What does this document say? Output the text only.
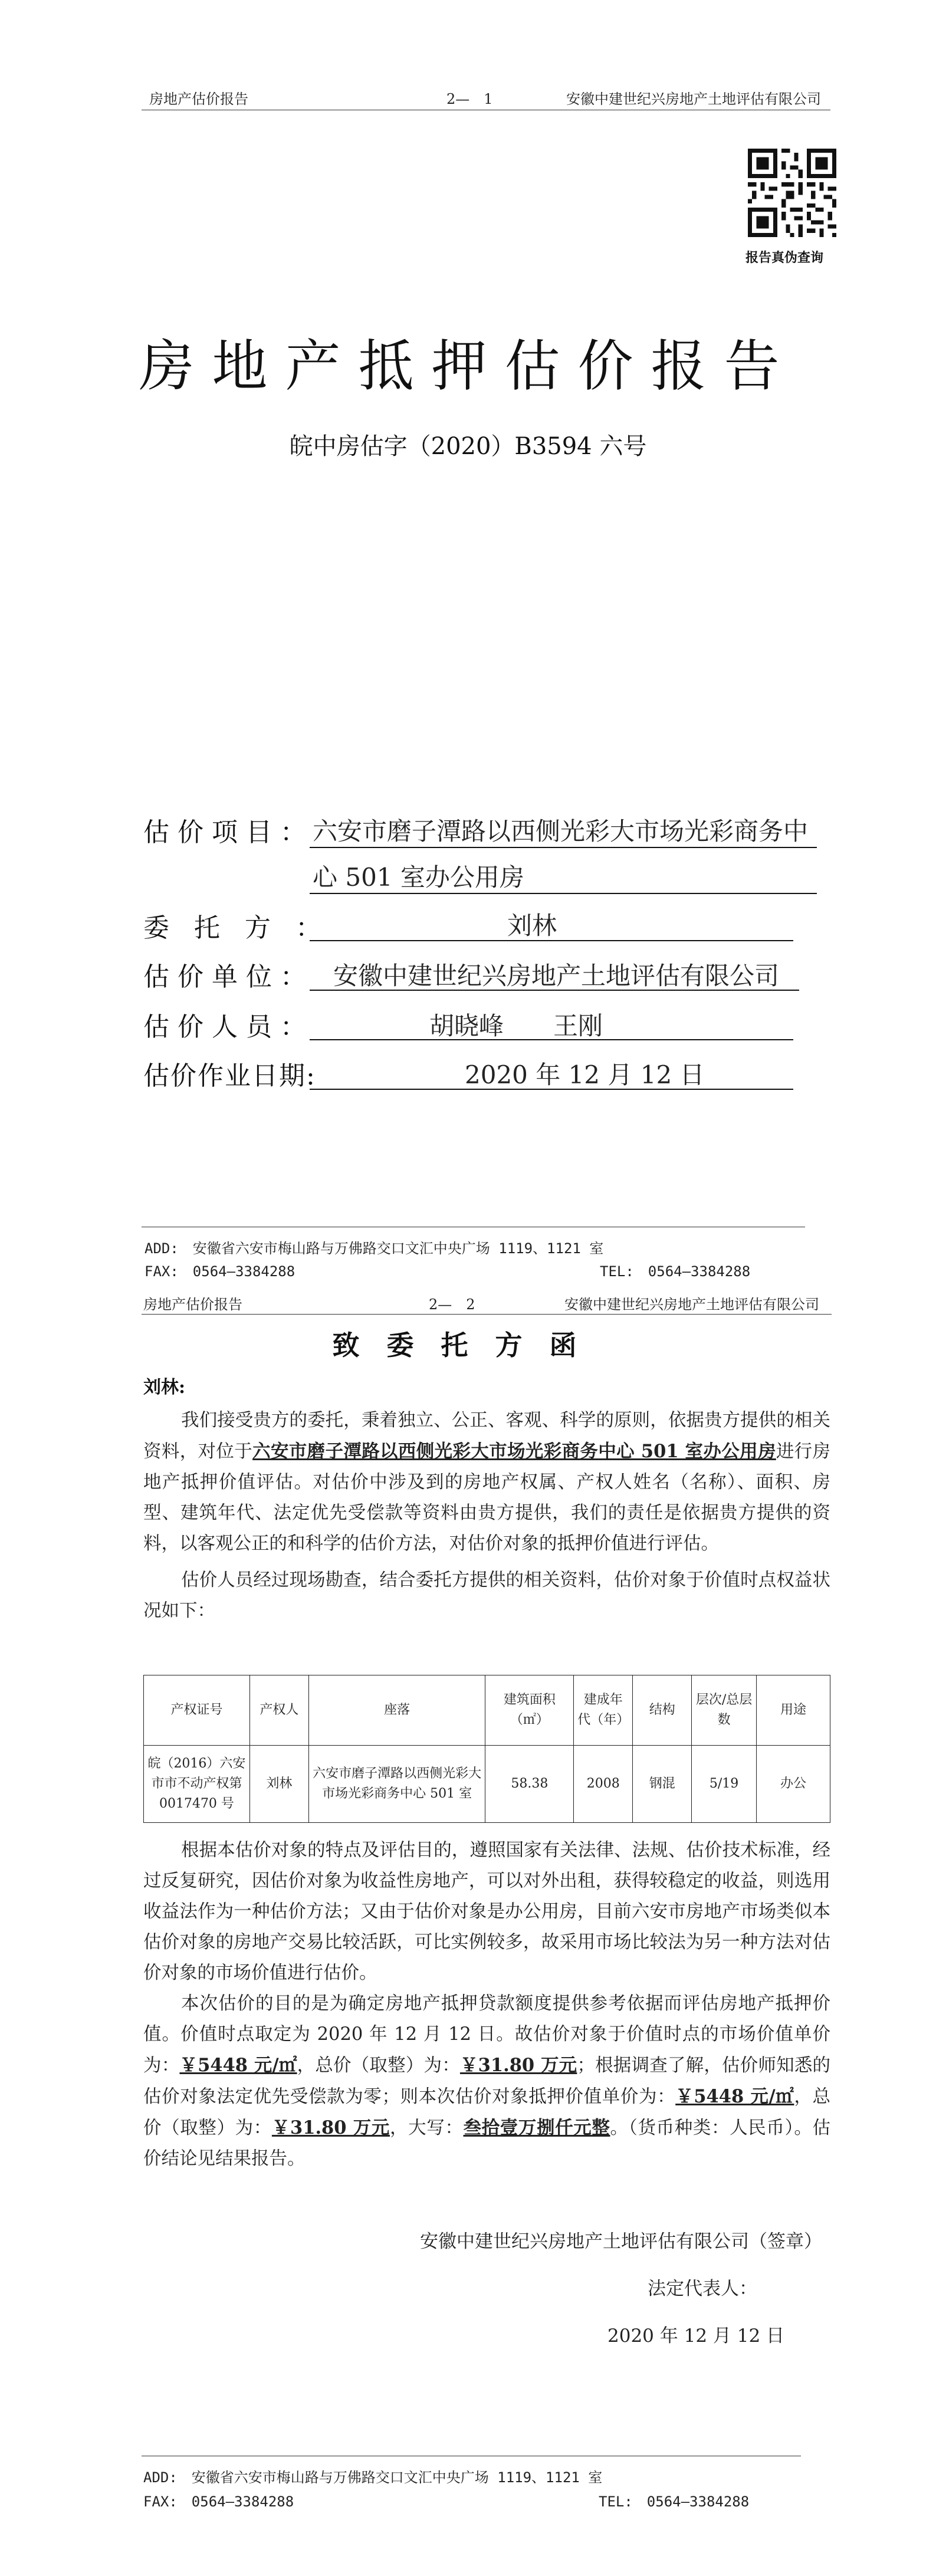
房地产估价报告	2—　1	安徽中建世纪兴房地产土地评估有限公司
报告真伪查询
房地产抵押估价报告
皖中房估字（2020）B3594 六号
估价项目：
六安市磨子潭路以西侧光彩大市场光彩商务中
心 501 室办公用房
委托方：	刘林
估价单位： 安徽中建世纪兴房地产土地评估有限公司
估价人员：	胡晓峰　　王刚
估价作业日期:	2020 年 12 月 12 日
ADD:　安徽省六安市梅山路与万佛路交口文汇中央广场 1119、1121 室
FAX:　0564—3384288	TEL:　0564—3384288
房地产估价报告	2—　2	安徽中建世纪兴房地产土地评估有限公司
致委托方函
刘林:

我们接受贵方的委托，秉着独立、公正、客观、科学的原则，依据贵方提供的相关资料，对位于六安市磨子潭路以西侧光彩大市场光彩商务中心 501 室办公用房进行房地产抵押价值评估。对估价中涉及到的房地产权属、产权人姓名（名称）、面积、房型、建筑年代、法定优先受偿款等资料由贵方提供，我们的责任是依据贵方提供的资料，以客观公正的和科学的估价方法，对估价对象的抵押价值进行评估。

估价人员经过现场勘查，结合委托方提供的相关资料，估价对象于价值时点权益状况如下：

产权证号	产权人	座落	建筑面积（㎡）	建成年代（年）	结构	层次/总层数	用途
皖（2016）六安市市不动产权第 0017470 号	刘林	六安市磨子潭路以西侧光彩大市场光彩商务中心 501 室	58.38	2008	钢混	5/19	办公

根据本估价对象的特点及评估目的，遵照国家有关法律、法规、估价技术标准，经过反复研究，因估价对象为收益性房地产，可以对外出租，获得较稳定的收益，则选用收益法作为一种估价方法；又由于估价对象是办公用房，目前六安市房地产市场类似本估价对象的房地产交易比较活跃，可比实例较多，故采用市场比较法为另一种方法对估价对象的市场价值进行估价。

本次估价的目的是为确定房地产抵押贷款额度提供参考依据而评估房地产抵押价值。价值时点取定为 2020 年 12 月 12 日。故估价对象于价值时点的市场价值单价为：￥5448 元/㎡，总价（取整）为：￥31.80 万元；根据调查了解，估价师知悉的估价对象法定优先受偿款为零；则本次估价对象抵押价值单价为：￥5448 元/㎡，总价（取整）为：￥31.80 万元，大写：叁拾壹万捌仟元整。（货币种类：人民币）。估价结论见结果报告。

安徽中建世纪兴房地产土地评估有限公司（签章）
法定代表人：
2020 年 12 月 12 日
ADD:　安徽省六安市梅山路与万佛路交口文汇中央广场 1119、1121 室
FAX:　0564—3384288	TEL:　0564—3384288
